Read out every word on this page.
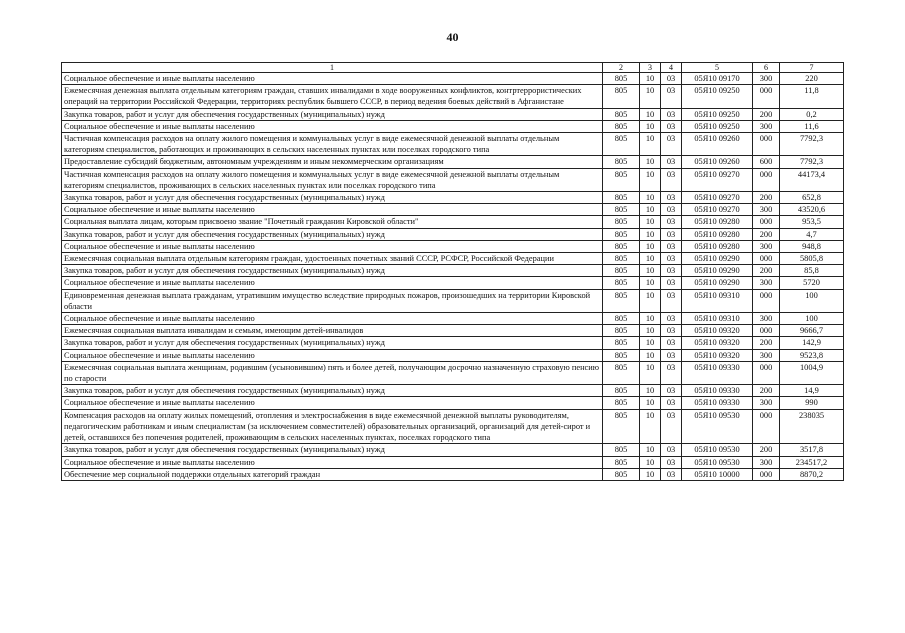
40
1	2	3	4	5	6	7
Социальное обеспечение и иные выплаты населению	805	10	03	05Я10 09170	300	220
Ежемесячная денежная выплата отдельным категориям граждан, ставших инвалидами в ходе вооруженных конфликтов, контртеррористических операций на территории Российской Федерации, территориях республик бывшего СССР, в период ведения боевых действий в Афганистане	805	10	03	05Я10 09250	000	11,8
Закупка товаров, работ и услуг для обеспечения государственных (муниципальных) нужд	805	10	03	05Я10 09250	200	0,2
Социальное обеспечение и иные выплаты населению	805	10	03	05Я10 09250	300	11,6
Частичная компенсация расходов на оплату жилого помещения и коммунальных услуг в виде ежемесячной денежной выплаты отдельным категориям специалистов, работающих и проживающих в сельских населенных пунктах или поселках городского типа	805	10	03	05Я10 09260	000	7792,3
Предоставление субсидий бюджетным, автономным учреждениям и иным некоммерческим организациям	805	10	03	05Я10 09260	600	7792,3
Частичная компенсация расходов на оплату жилого помещения и коммунальных услуг в виде ежемесячной денежной выплаты отдельным категориям специалистов, проживающих в сельских населенных пунктах или поселках городского типа	805	10	03	05Я10 09270	000	44173,4
Закупка товаров, работ и услуг для обеспечения государственных (муниципальных) нужд	805	10	03	05Я10 09270	200	652,8
Социальное обеспечение и иные выплаты населению	805	10	03	05Я10 09270	300	43520,6
Социальная выплата лицам, которым присвоено звание "Почетный гражданин Кировской области"	805	10	03	05Я10 09280	000	953,5
Закупка товаров, работ и услуг для обеспечения государственных (муниципальных) нужд	805	10	03	05Я10 09280	200	4,7
Социальное обеспечение и иные выплаты населению	805	10	03	05Я10 09280	300	948,8
Ежемесячная социальная выплата отдельным категориям граждан, удостоенных почетных званий СССР, РСФСР, Российской Федерации	805	10	03	05Я10 09290	000	5805,8
Закупка товаров, работ и услуг для обеспечения государственных (муниципальных) нужд	805	10	03	05Я10 09290	200	85,8
Социальное обеспечение и иные выплаты населению	805	10	03	05Я10 09290	300	5720
Единовременная денежная выплата гражданам, утратившим имущество вследствие природных пожаров, произошедших на территории Кировской области	805	10	03	05Я10 09310	000	100
Социальное обеспечение и иные выплаты населению	805	10	03	05Я10 09310	300	100
Ежемесячная социальная выплата инвалидам и семьям, имеющим детей-инвалидов	805	10	03	05Я10 09320	000	9666,7
Закупка товаров, работ и услуг для обеспечения государственных (муниципальных) нужд	805	10	03	05Я10 09320	200	142,9
Социальное обеспечение и иные выплаты населению	805	10	03	05Я10 09320	300	9523,8
Ежемесячная социальная выплата женщинам, родившим (усыновившим) пять и более детей, получающим досрочно назначенную страховую пенсию по старости	805	10	03	05Я10 09330	000	1004,9
Закупка товаров, работ и услуг для обеспечения государственных (муниципальных) нужд	805	10	03	05Я10 09330	200	14,9
Социальное обеспечение и иные выплаты населению	805	10	03	05Я10 09330	300	990
Компенсация расходов на оплату жилых помещений, отопления и электроснабжения в виде ежемесячной денежной выплаты руководителям, педагогическим работникам и иным специалистам (за исключением совместителей) образовательных организаций, организаций для детей-сирот и детей, оставшихся без попечения родителей, проживающим в сельских населенных пунктах, поселках городского типа	805	10	03	05Я10 09530	000	238035
Закупка товаров, работ и услуг для обеспечения государственных (муниципальных) нужд	805	10	03	05Я10 09530	200	3517,8
Социальное обеспечение и иные выплаты населению	805	10	03	05Я10 09530	300	234517,2
Обеспечение мер социальной поддержки отдельных категорий граждан	805	10	03	05Я10 10000	000	8870,2
